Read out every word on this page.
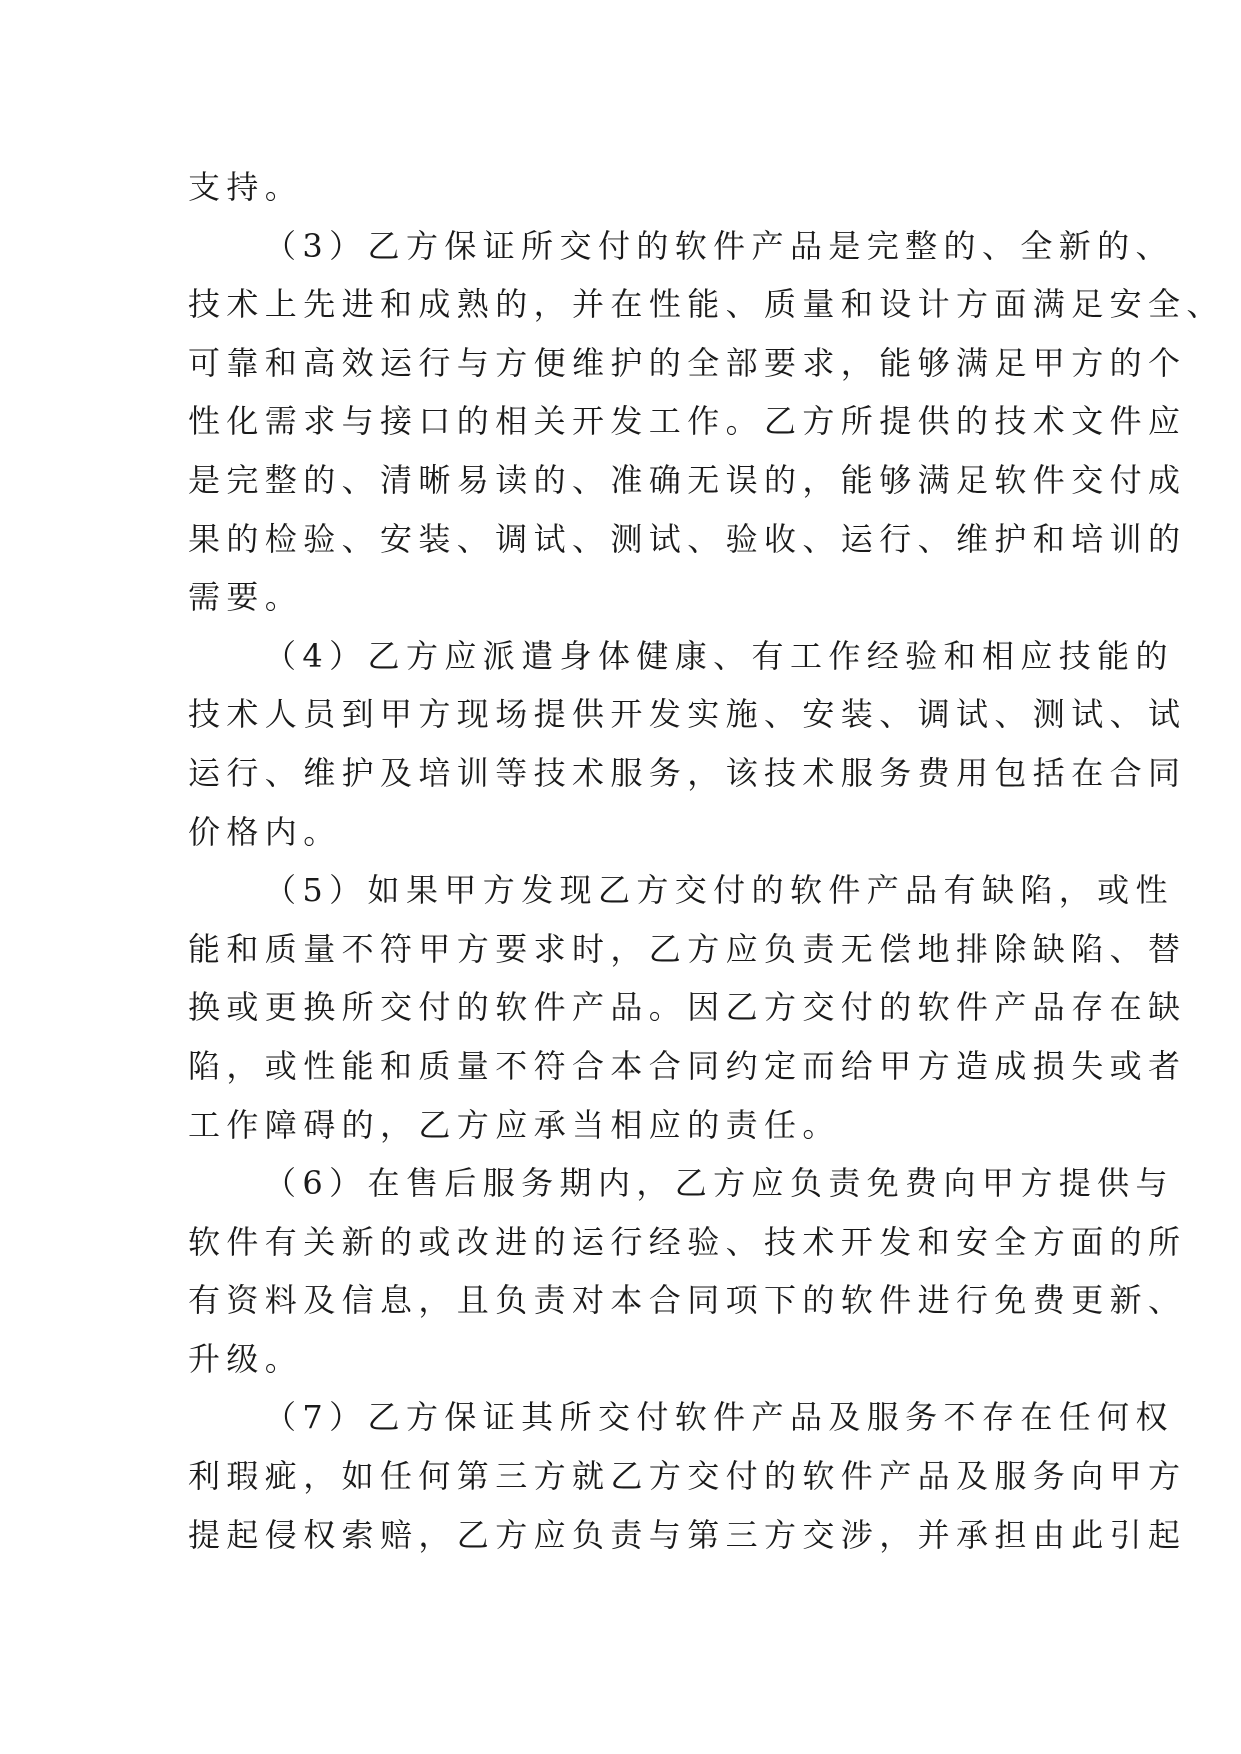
支持。
（3）乙方保证所交付的软件产品是完整的、全新的、
技术上先进和成熟的，并在性能、质量和设计方面满足安全、
可靠和高效运行与方便维护的全部要求，能够满足甲方的个
性化需求与接口的相关开发工作。乙方所提供的技术文件应
是完整的、清晰易读的、准确无误的，能够满足软件交付成
果的检验、安装、调试、测试、验收、运行、维护和培训的
需要。
（4）乙方应派遣身体健康、有工作经验和相应技能的
技术人员到甲方现场提供开发实施、安装、调试、测试、试
运行、维护及培训等技术服务，该技术服务费用包括在合同
价格内。
（5）如果甲方发现乙方交付的软件产品有缺陷，或性
能和质量不符甲方要求时，乙方应负责无偿地排除缺陷、替
换或更换所交付的软件产品。因乙方交付的软件产品存在缺
陷，或性能和质量不符合本合同约定而给甲方造成损失或者
工作障碍的，乙方应承当相应的责任。
（6）在售后服务期内，乙方应负责免费向甲方提供与
软件有关新的或改进的运行经验、技术开发和安全方面的所
有资料及信息，且负责对本合同项下的软件进行免费更新、
升级。
（7）乙方保证其所交付软件产品及服务不存在任何权
利瑕疵，如任何第三方就乙方交付的软件产品及服务向甲方
提起侵权索赔，乙方应负责与第三方交涉，并承担由此引起
